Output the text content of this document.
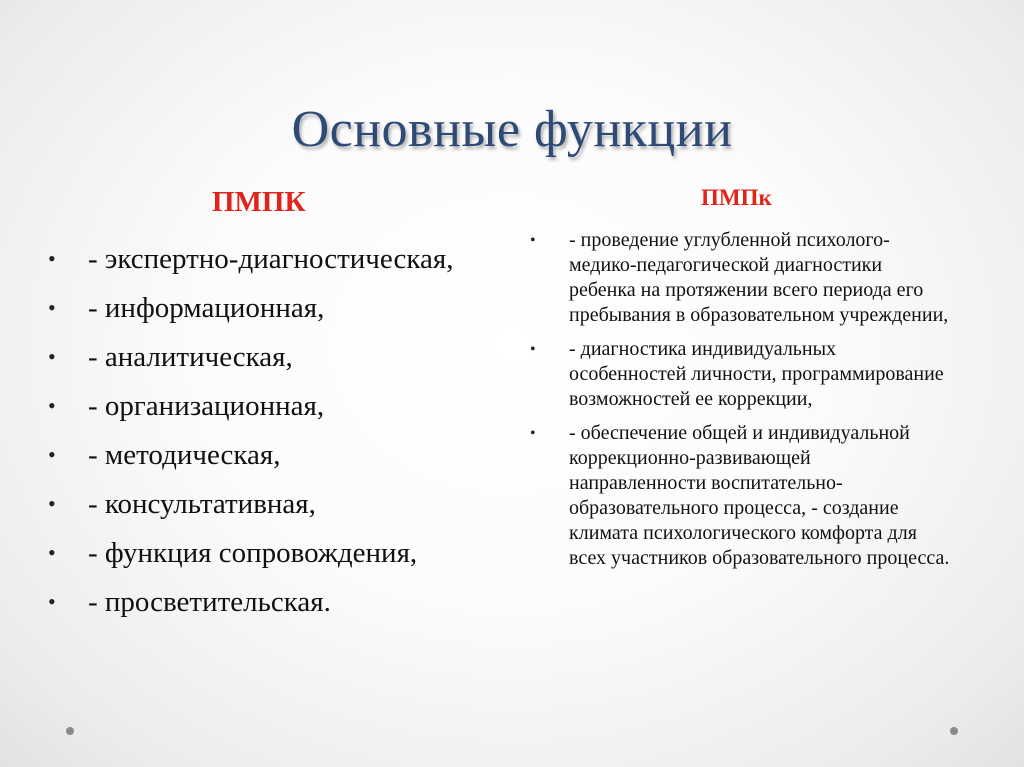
Основные функции
ПМПК	ПМПк
• - экспертно-диагностическая,
• - информационная,
• - аналитическая,
• - организационная,
• - методическая,
• - консультативная,
• - функция сопровождения,
• - просветительская.
• - проведение углубленной психолого-медико-педагогической диагностики ребенка на протяжении всего периода его пребывания в образовательном учреждении,
• - диагностика индивидуальных особенностей личности, программирование возможностей ее коррекции,
• - обеспечение общей и индивидуальной коррекционно-развивающей направленности воспитательно-образовательного процесса, - создание климата психологического комфорта для всех участников образовательного процесса.
